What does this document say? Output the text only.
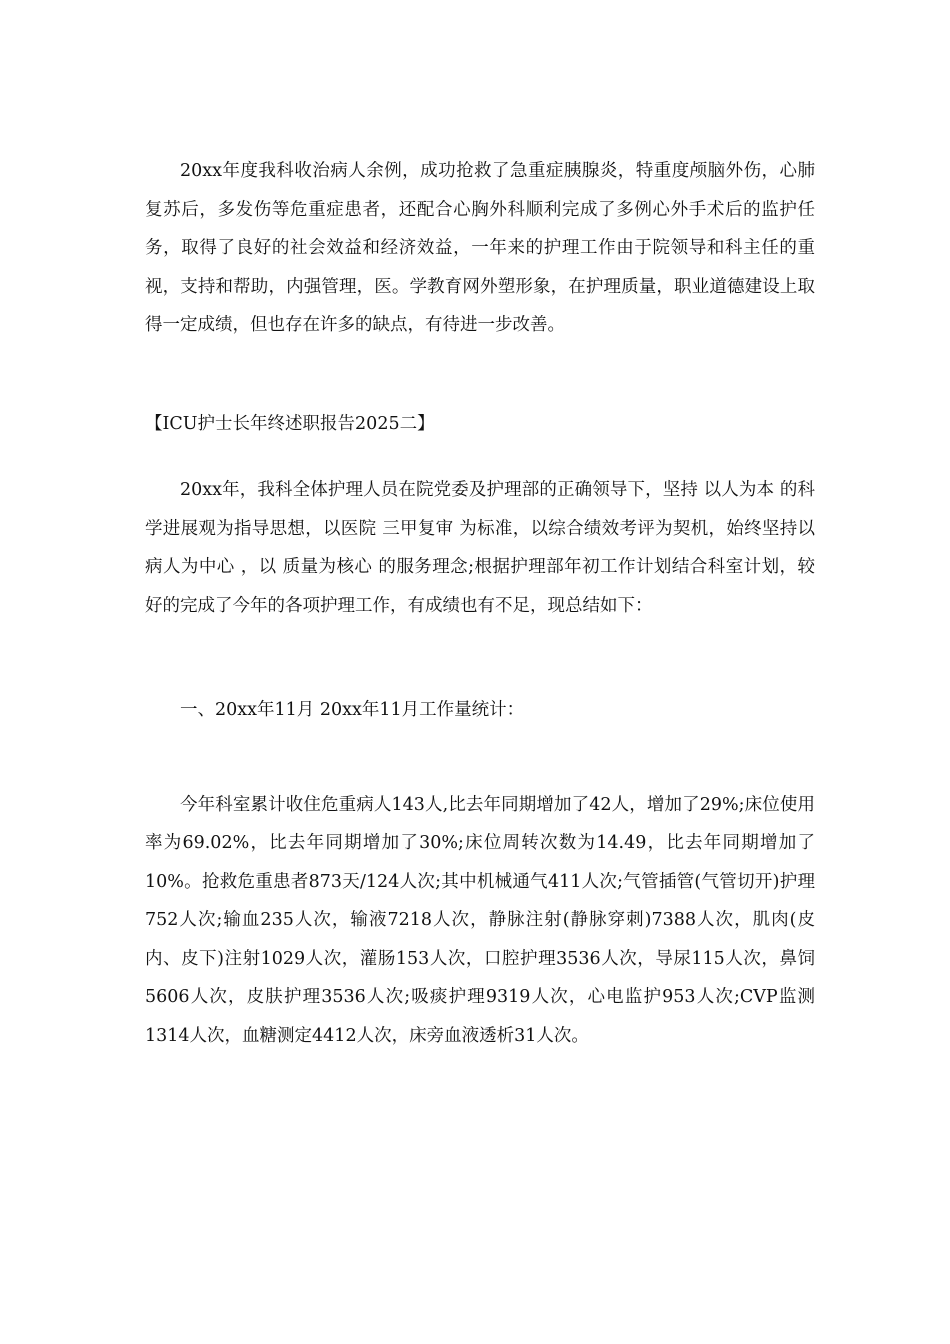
20xx年度我科收治病人余例，成功抢救了急重症胰腺炎，特重度颅脑外伤，心肺复苏后，多发伤等危重症患者，还配合心胸外科顺利完成了多例心外手术后的监护任务，取得了良好的社会效益和经济效益，一年来的护理工作由于院领导和科主任的重视，支持和帮助，内强管理，医。学教育网外塑形象，在护理质量，职业道德建设上取得一定成绩，但也存在许多的缺点，有待进一步改善。

【ICU护士长年终述职报告2025二】

20xx年，我科全体护理人员在院党委及护理部的正确领导下，坚持 以人为本 的科学进展观为指导思想，以医院 三甲复审 为标准，以综合绩效考评为契机，始终坚持以 病人为中心 ，以 质量为核心 的服务理念;根据护理部年初工作计划结合科室计划，较好的完成了今年的各项护理工作，有成绩也有不足，现总结如下：

一、20xx年11月 20xx年11月工作量统计：

今年科室累计收住危重病人143人,比去年同期增加了42人，增加了29%;床位使用率为69.02%，比去年同期增加了30%;床位周转次数为14.49，比去年同期增加了10%。抢救危重患者873天/124人次;其中机械通气411人次;气管插管(气管切开)护理752人次;输血235人次，输液7218人次，静脉注射(静脉穿刺)7388人次，肌肉(皮内、皮下)注射1029人次，灌肠153人次，口腔护理3536人次，导尿115人次，鼻饲5606人次，皮肤护理3536人次;吸痰护理9319人次，心电监护953人次;CVP监测1314人次，血糖测定4412人次，床旁血液透析31人次。
